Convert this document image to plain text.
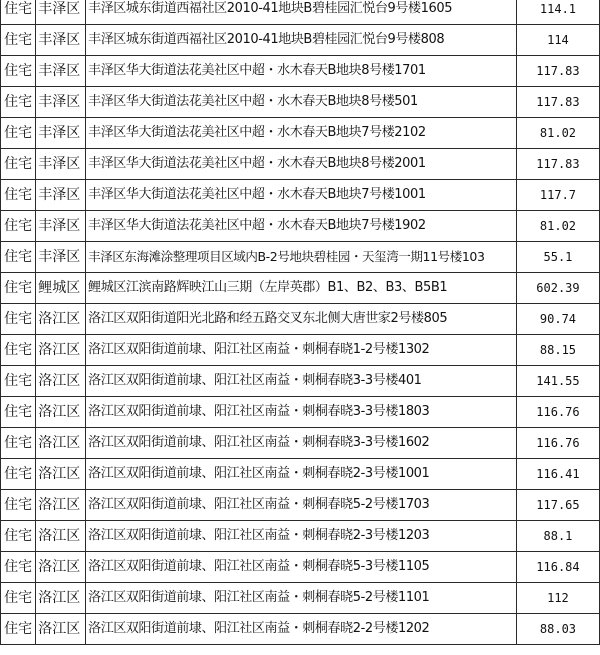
住宅	丰泽区	丰泽区城东街道西福社区2010-41地块B碧桂园汇悦台9号楼1605	114.1
住宅	丰泽区	丰泽区城东街道西福社区2010-41地块B碧桂园汇悦台9号楼808	114
住宅	丰泽区	丰泽区华大街道法花美社区中超・水木春天B地块8号楼1701	117.83
住宅	丰泽区	丰泽区华大街道法花美社区中超・水木春天B地块8号楼501	117.83
住宅	丰泽区	丰泽区华大街道法花美社区中超・水木春天B地块7号楼2102	81.02
住宅	丰泽区	丰泽区华大街道法花美社区中超・水木春天B地块8号楼2001	117.83
住宅	丰泽区	丰泽区华大街道法花美社区中超・水木春天B地块7号楼1001	117.7
住宅	丰泽区	丰泽区华大街道法花美社区中超・水木春天B地块7号楼1902	81.02
住宅	丰泽区	丰泽区东海滩涂整理项目区域内B-2号地块碧桂园・天玺湾一期11号楼103	55.1
住宅	鲤城区	鲤城区江滨南路辉映江山三期（左岸英郡）B1、B2、B3、B5B1	602.39
住宅	洛江区	洛江区双阳街道阳光北路和经五路交叉东北侧大唐世家2号楼805	90.74
住宅	洛江区	洛江区双阳街道前埭、阳江社区南益・刺桐春晓1-2号楼1302	88.15
住宅	洛江区	洛江区双阳街道前埭、阳江社区南益・刺桐春晓3-3号楼401	141.55
住宅	洛江区	洛江区双阳街道前埭、阳江社区南益・刺桐春晓3-3号楼1803	116.76
住宅	洛江区	洛江区双阳街道前埭、阳江社区南益・刺桐春晓3-3号楼1602	116.76
住宅	洛江区	洛江区双阳街道前埭、阳江社区南益・刺桐春晓2-3号楼1001	116.41
住宅	洛江区	洛江区双阳街道前埭、阳江社区南益・刺桐春晓5-2号楼1703	117.65
住宅	洛江区	洛江区双阳街道前埭、阳江社区南益・刺桐春晓2-3号楼1203	88.1
住宅	洛江区	洛江区双阳街道前埭、阳江社区南益・刺桐春晓5-3号楼1105	116.84
住宅	洛江区	洛江区双阳街道前埭、阳江社区南益・刺桐春晓5-2号楼1101	112
住宅	洛江区	洛江区双阳街道前埭、阳江社区南益・刺桐春晓2-2号楼1202	88.03
